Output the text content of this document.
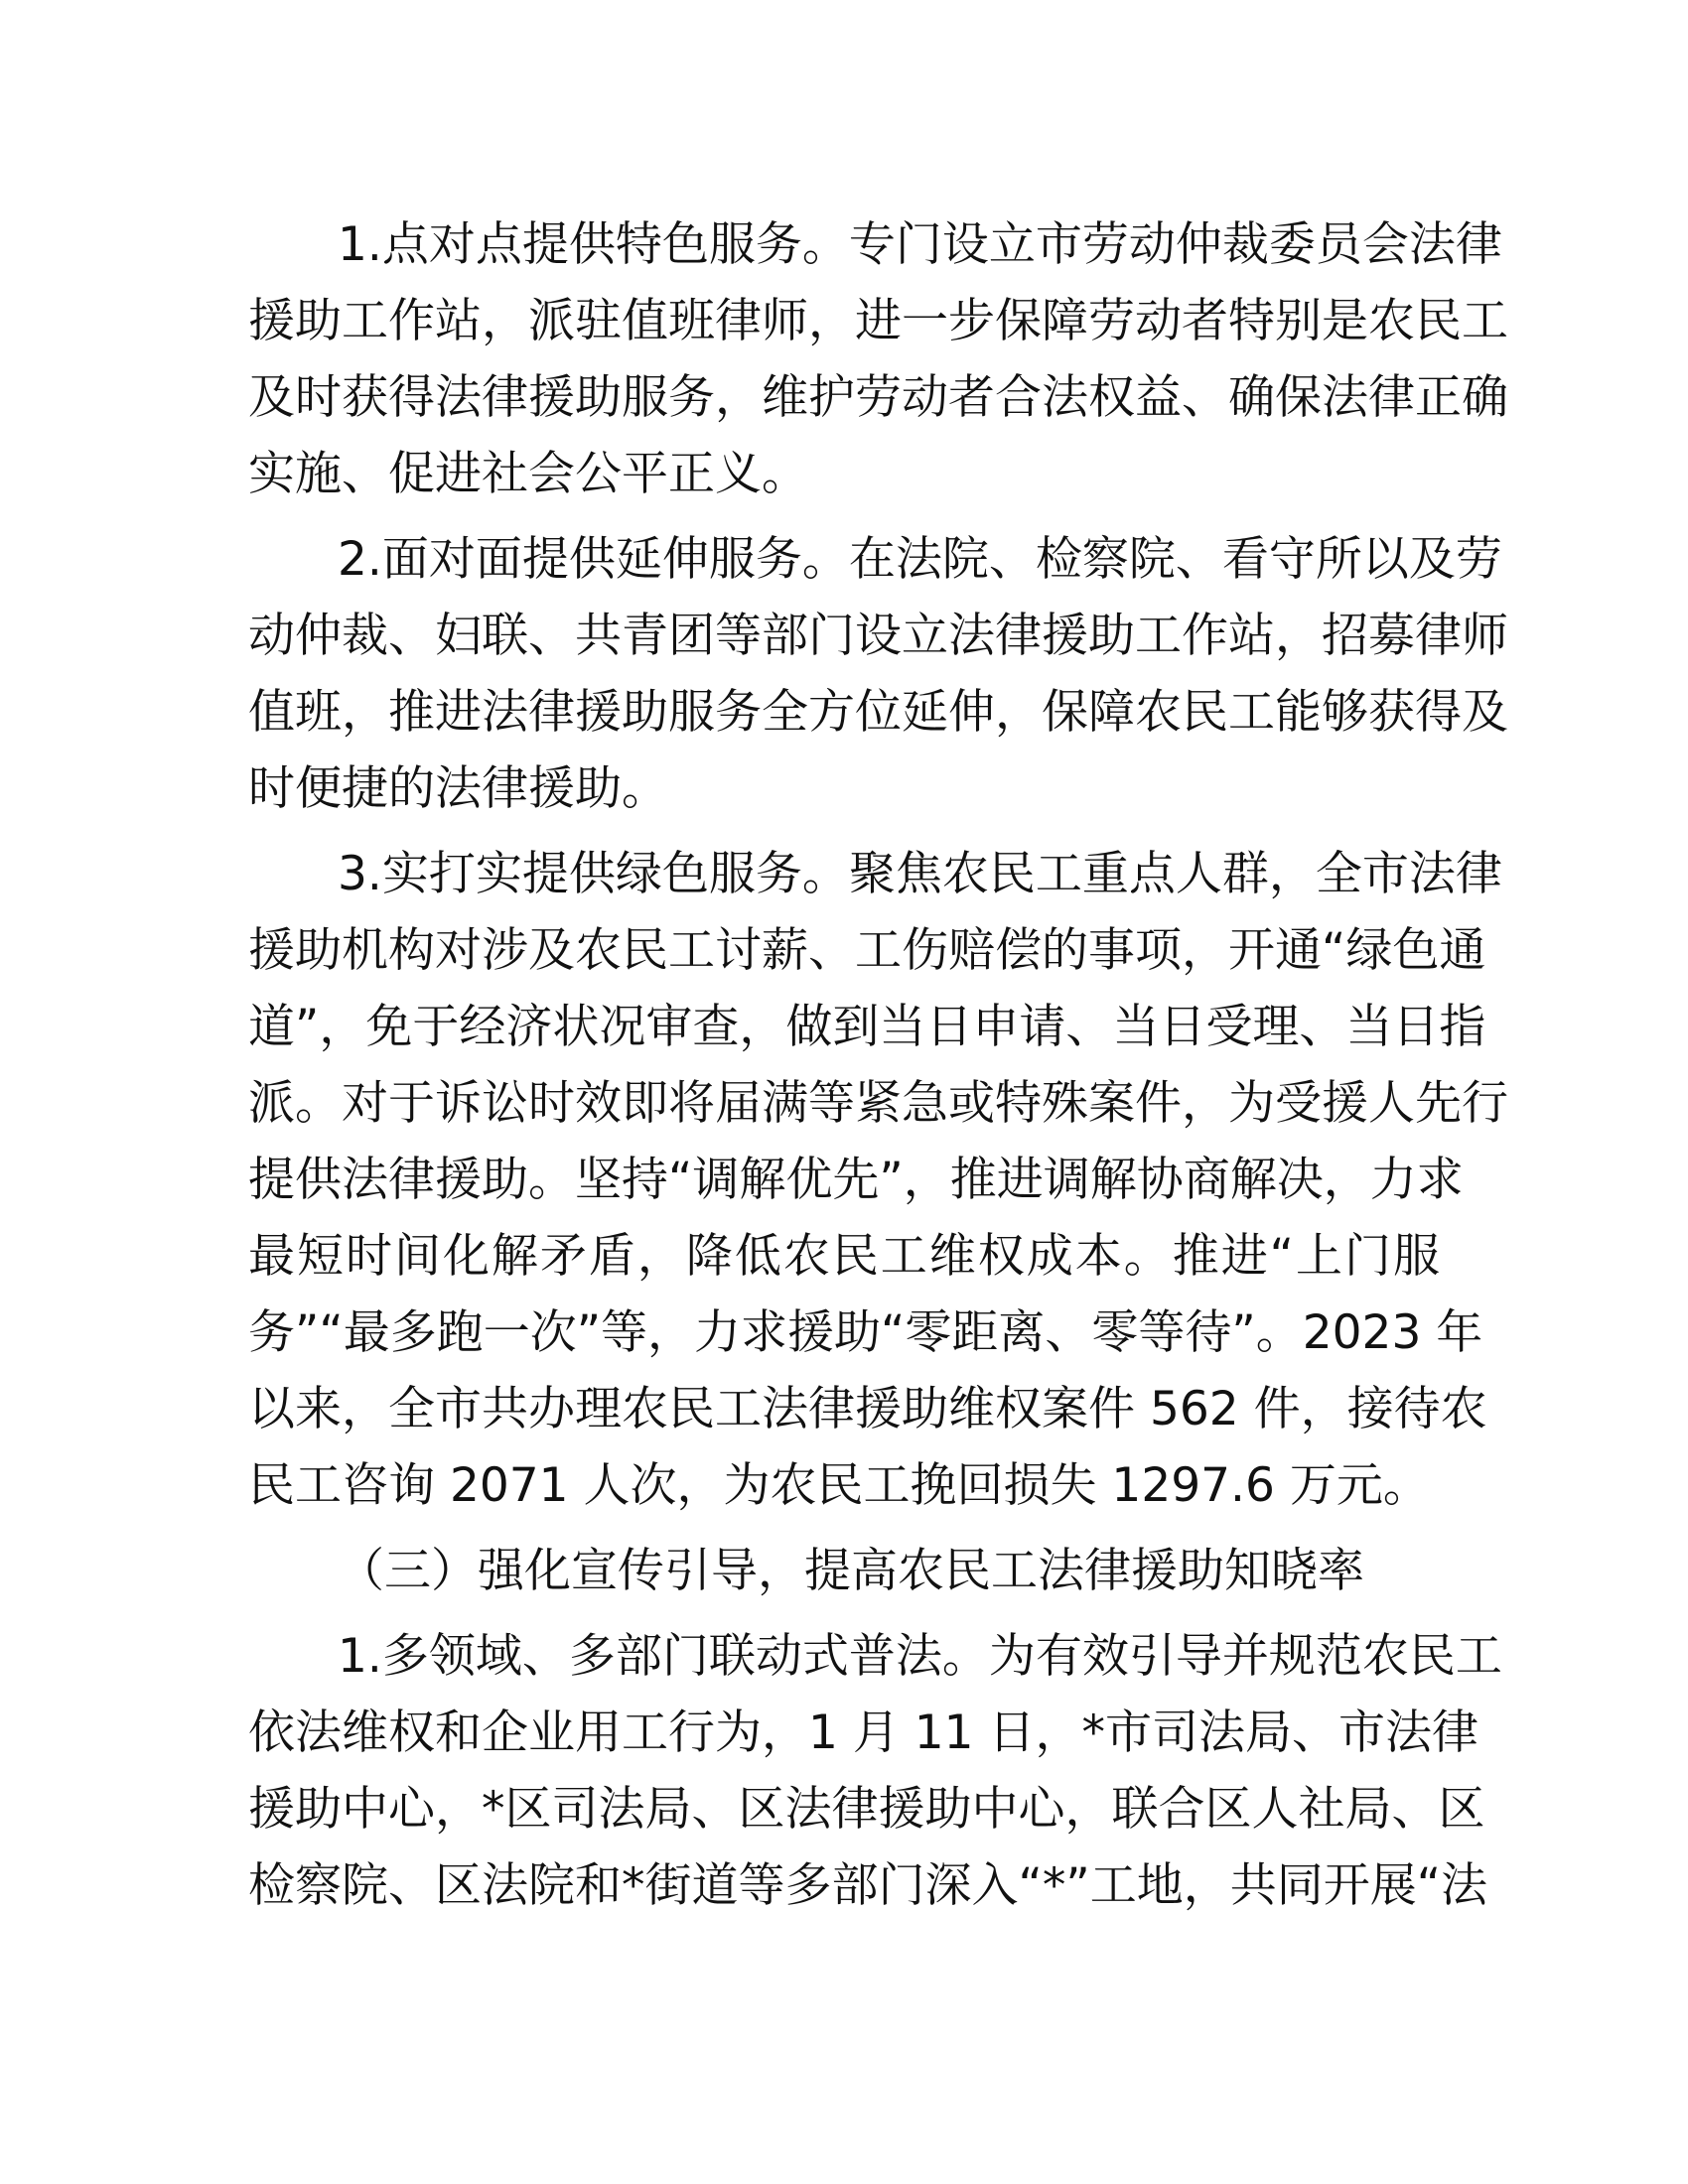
1.点对点提供特色服务。专门设立市劳动仲裁委员会法律
援助工作站，派驻值班律师，进一步保障劳动者特别是农民工
及时获得法律援助服务，维护劳动者合法权益、确保法律正确
实施、促进社会公平正义。
2.面对面提供延伸服务。在法院、检察院、看守所以及劳
动仲裁、妇联、共青团等部门设立法律援助工作站，招募律师
值班，推进法律援助服务全方位延伸，保障农民工能够获得及
时便捷的法律援助。
3.实打实提供绿色服务。聚焦农民工重点人群，全市法律
援助机构对涉及农民工讨薪、工伤赔偿的事项，开通“绿色通
道”，免于经济状况审查，做到当日申请、当日受理、当日指
派。对于诉讼时效即将届满等紧急或特殊案件，为受援人先行
提供法律援助。坚持“调解优先”，推进调解协商解决，力求
最短时间化解矛盾，降低农民工维权成本。推进“上门服
务”“最多跑一次”等，力求援助“零距离、零等待”。2023 年
以来，全市共办理农民工法律援助维权案件 562 件，接待农
民工咨询 2071 人次，为农民工挽回损失 1297.6 万元。
（三）强化宣传引导，提高农民工法律援助知晓率
1.多领域、多部门联动式普法。为有效引导并规范农民工
依法维权和企业用工行为，1 月 11 日，*市司法局、市法律
援助中心，*区司法局、区法律援助中心，联合区人社局、区
检察院、区法院和*街道等多部门深入“*”工地，共同开展“法
